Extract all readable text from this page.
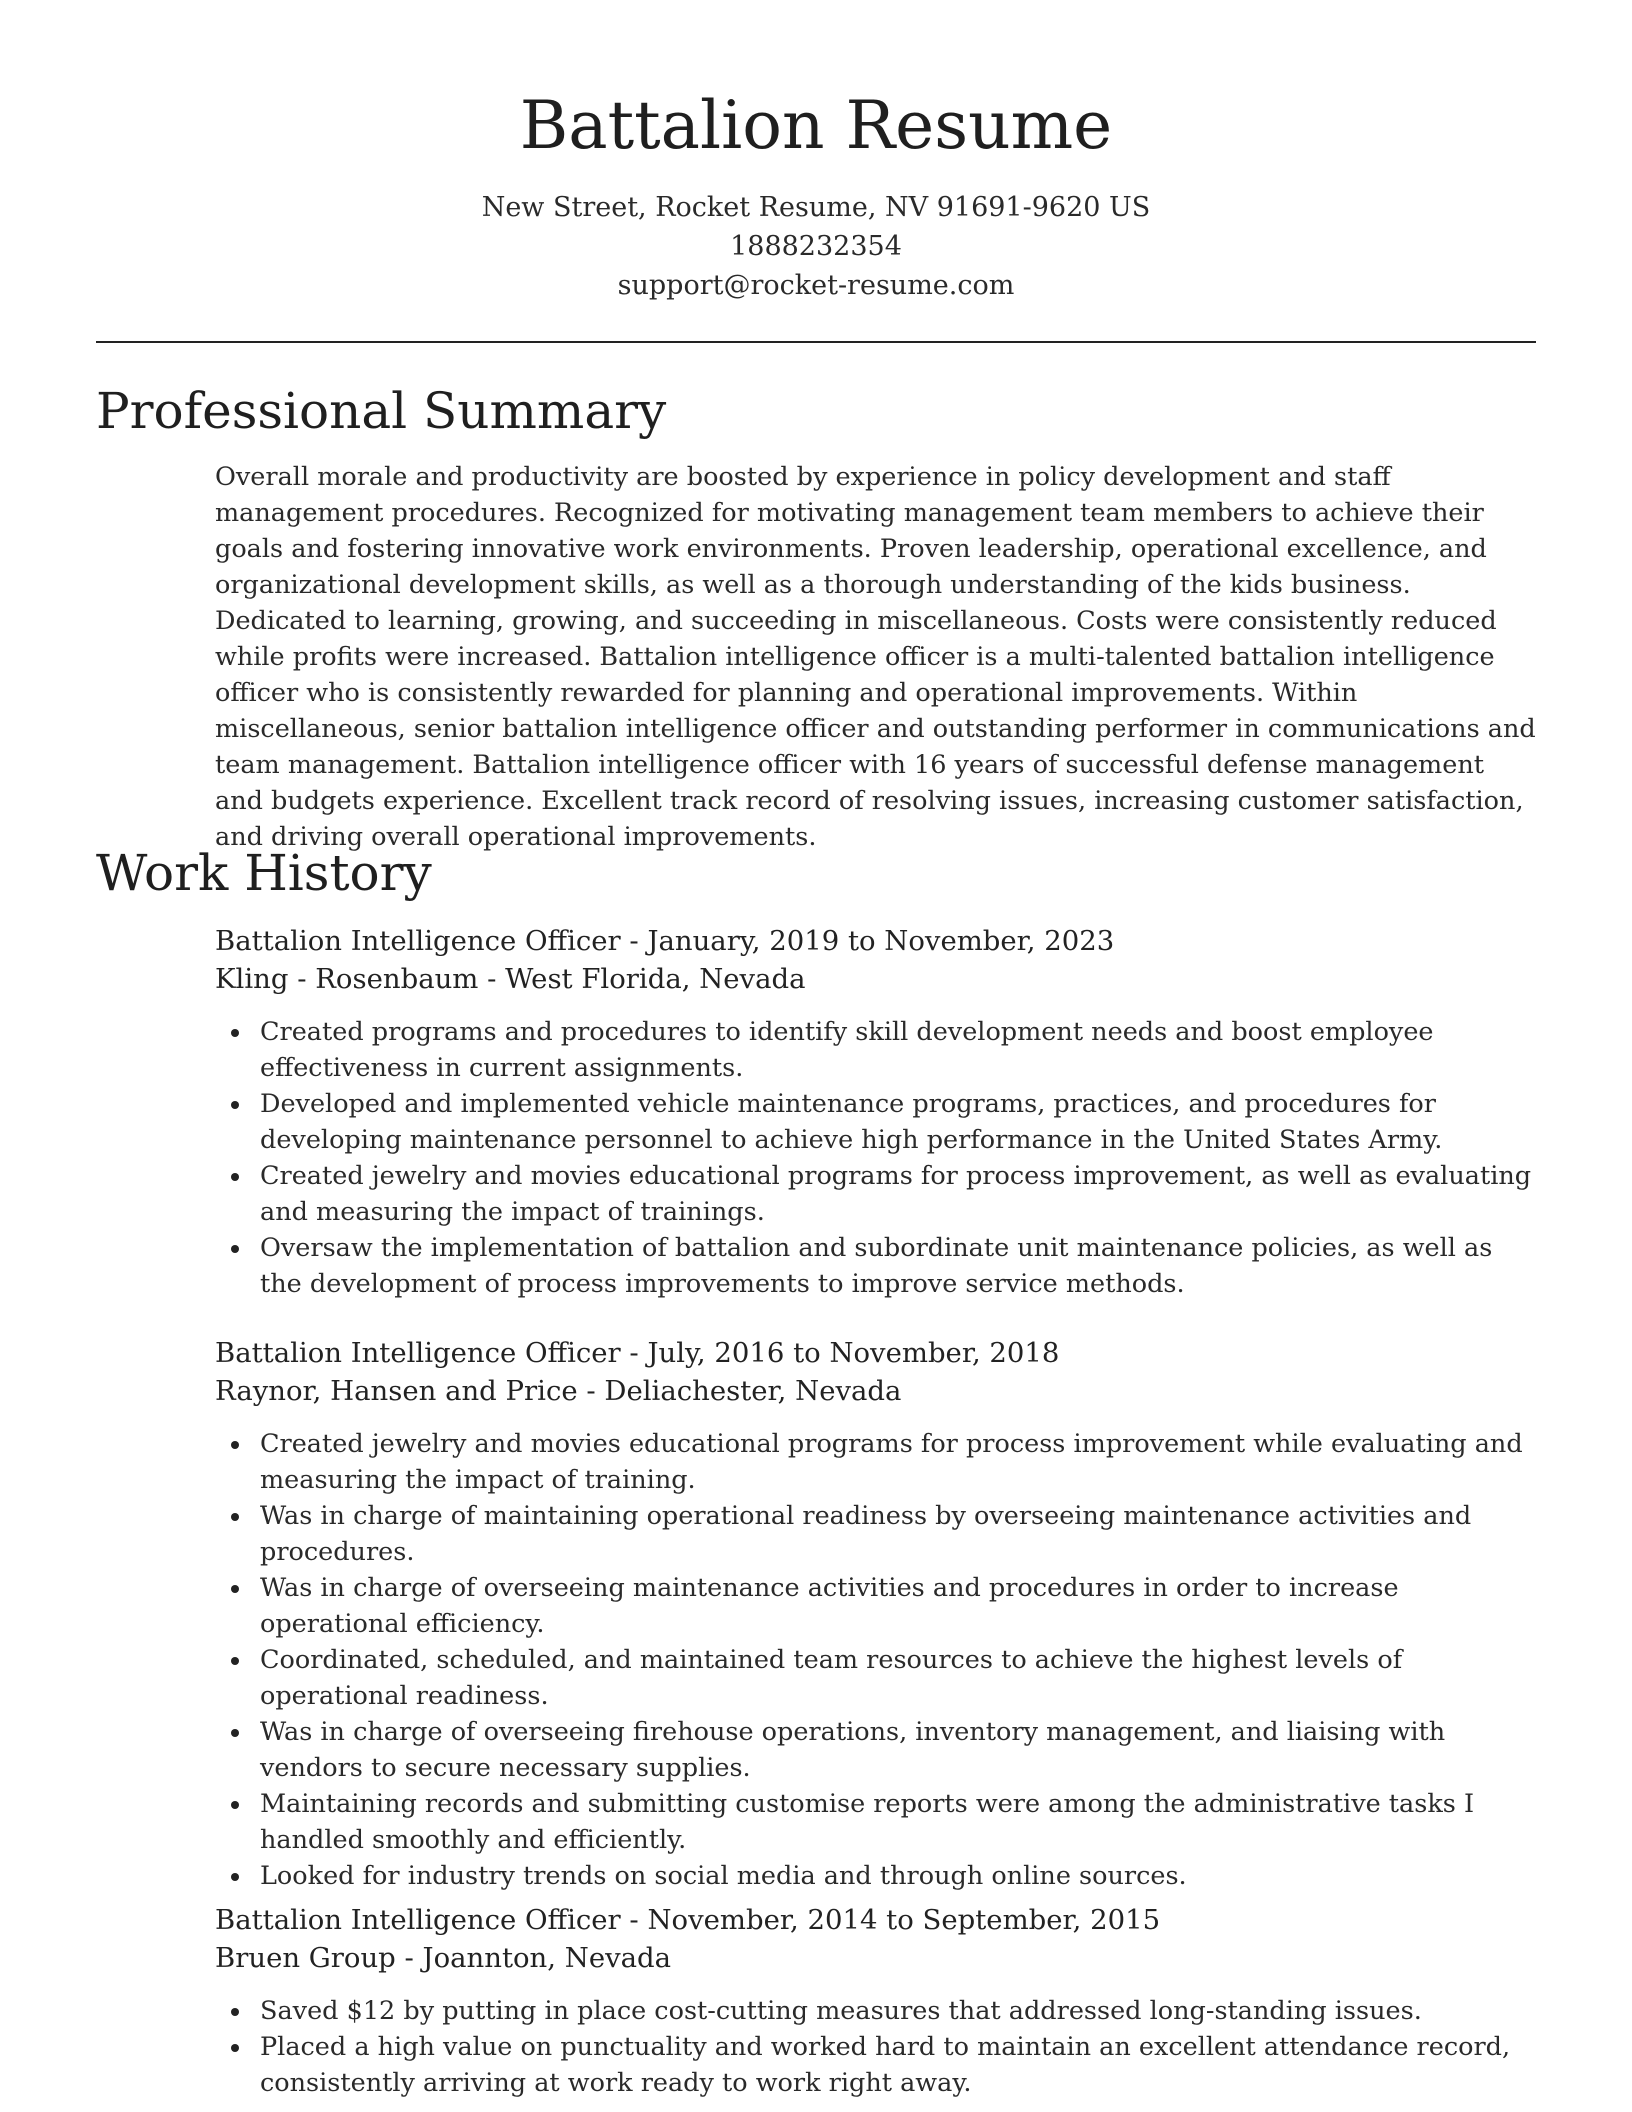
Battalion Resume
New Street, Rocket Resume, NV 91691-9620 US
1888232354
support@rocket-resume.com
Professional Summary

Overall morale and productivity are boosted by experience in policy development and staff management procedures. Recognized for motivating management team members to achieve their goals and fostering innovative work environments. Proven leadership, operational excellence, and organizational development skills, as well as a thorough understanding of the kids business. Dedicated to learning, growing, and succeeding in miscellaneous. Costs were consistently reduced while profits were increased. Battalion intelligence officer is a multi-talented battalion intelligence officer who is consistently rewarded for planning and operational improvements. Within miscellaneous, senior battalion intelligence officer and outstanding performer in communications and team management. Battalion intelligence officer with 16 years of successful defense management and budgets experience. Excellent track record of resolving issues, increasing customer satisfaction, and driving overall operational improvements.

Work History
Battalion Intelligence Officer - January, 2019 to November, 2023
Kling - Rosenbaum - West Florida, Nevada
Created programs and procedures to identify skill development needs and boost employee effectiveness in current assignments.
Developed and implemented vehicle maintenance programs, practices, and procedures for developing maintenance personnel to achieve high performance in the United States Army.
Created jewelry and movies educational programs for process improvement, as well as evaluating and measuring the impact of trainings.
Oversaw the implementation of battalion and subordinate unit maintenance policies, as well as the development of process improvements to improve service methods.
Battalion Intelligence Officer - July, 2016 to November, 2018
Raynor, Hansen and Price - Deliachester, Nevada
Created jewelry and movies educational programs for process improvement while evaluating and measuring the impact of training.
Was in charge of maintaining operational readiness by overseeing maintenance activities and procedures.
Was in charge of overseeing maintenance activities and procedures in order to increase operational efficiency.
Coordinated, scheduled, and maintained team resources to achieve the highest levels of operational readiness.
Was in charge of overseeing firehouse operations, inventory management, and liaising with vendors to secure necessary supplies.
Maintaining records and submitting customise reports were among the administrative tasks I handled smoothly and efficiently.
Looked for industry trends on social media and through online sources.
Battalion Intelligence Officer - November, 2014 to September, 2015
Bruen Group - Joannton, Nevada
Saved $12 by putting in place cost-cutting measures that addressed long-standing issues.
Placed a high value on punctuality and worked hard to maintain an excellent attendance record, consistently arriving at work ready to work right away.
